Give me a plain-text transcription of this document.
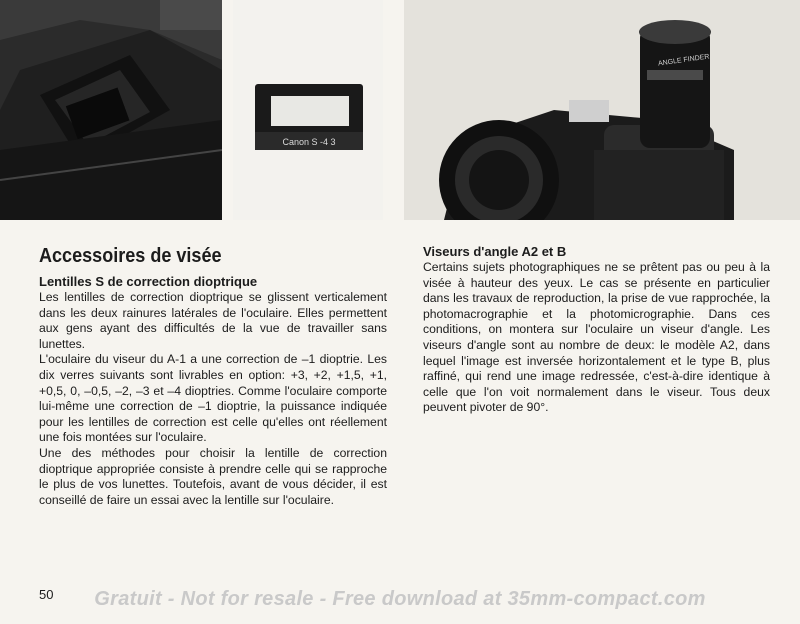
Canon S -4 3
ANGLE FINDER
Accessoires de visée
Lentilles S de correction dioptrique

Les lentilles de correction dioptrique se glissent verticalement dans les deux rainures latérales de l'oculaire. Elles permettent aux gens ayant des difficultés de la vue de travailler sans lunettes.

L'oculaire du viseur du A-1 a une correction de –1 dioptrie. Les dix verres suivants sont livrables en option: +3, +2, +1,5, +1, +0,5, 0, –0,5, –2, –3 et –4 dioptries. Comme l'oculaire comporte lui-même une correction de –1 dioptrie, la puissance indiquée pour les lentilles de correction est celle qu'elles ont réellement une fois montées sur l'oculaire.

Une des méthodes pour choisir la lentille de correction dioptrique appropriée consiste à prendre celle qui se rapproche le plus de vos lunettes. Toutefois, avant de vous décider, il est conseillé de faire un essai avec la lentille sur l'oculaire.

Viseurs d'angle A2 et B

Certains sujets photographiques ne se prêtent pas ou peu à la visée à hauteur des yeux. Le cas se présente en particulier dans les travaux de reproduction, la prise de vue rapprochée, la photomacrographie et la photomicrographie. Dans ces conditions, on montera sur l'oculaire un viseur d'angle. Les viseurs d'angle sont au nombre de deux: le modèle A2, dans lequel l'image est inversée horizontalement et le type B, plus raffiné, qui rend une image redressée, c'est-à-dire identique à celle que l'on voit normalement dans le viseur. Tous deux peuvent pivoter de 90°.

50	Gratuit - Not for resale - Free download at 35mm-compact.com
